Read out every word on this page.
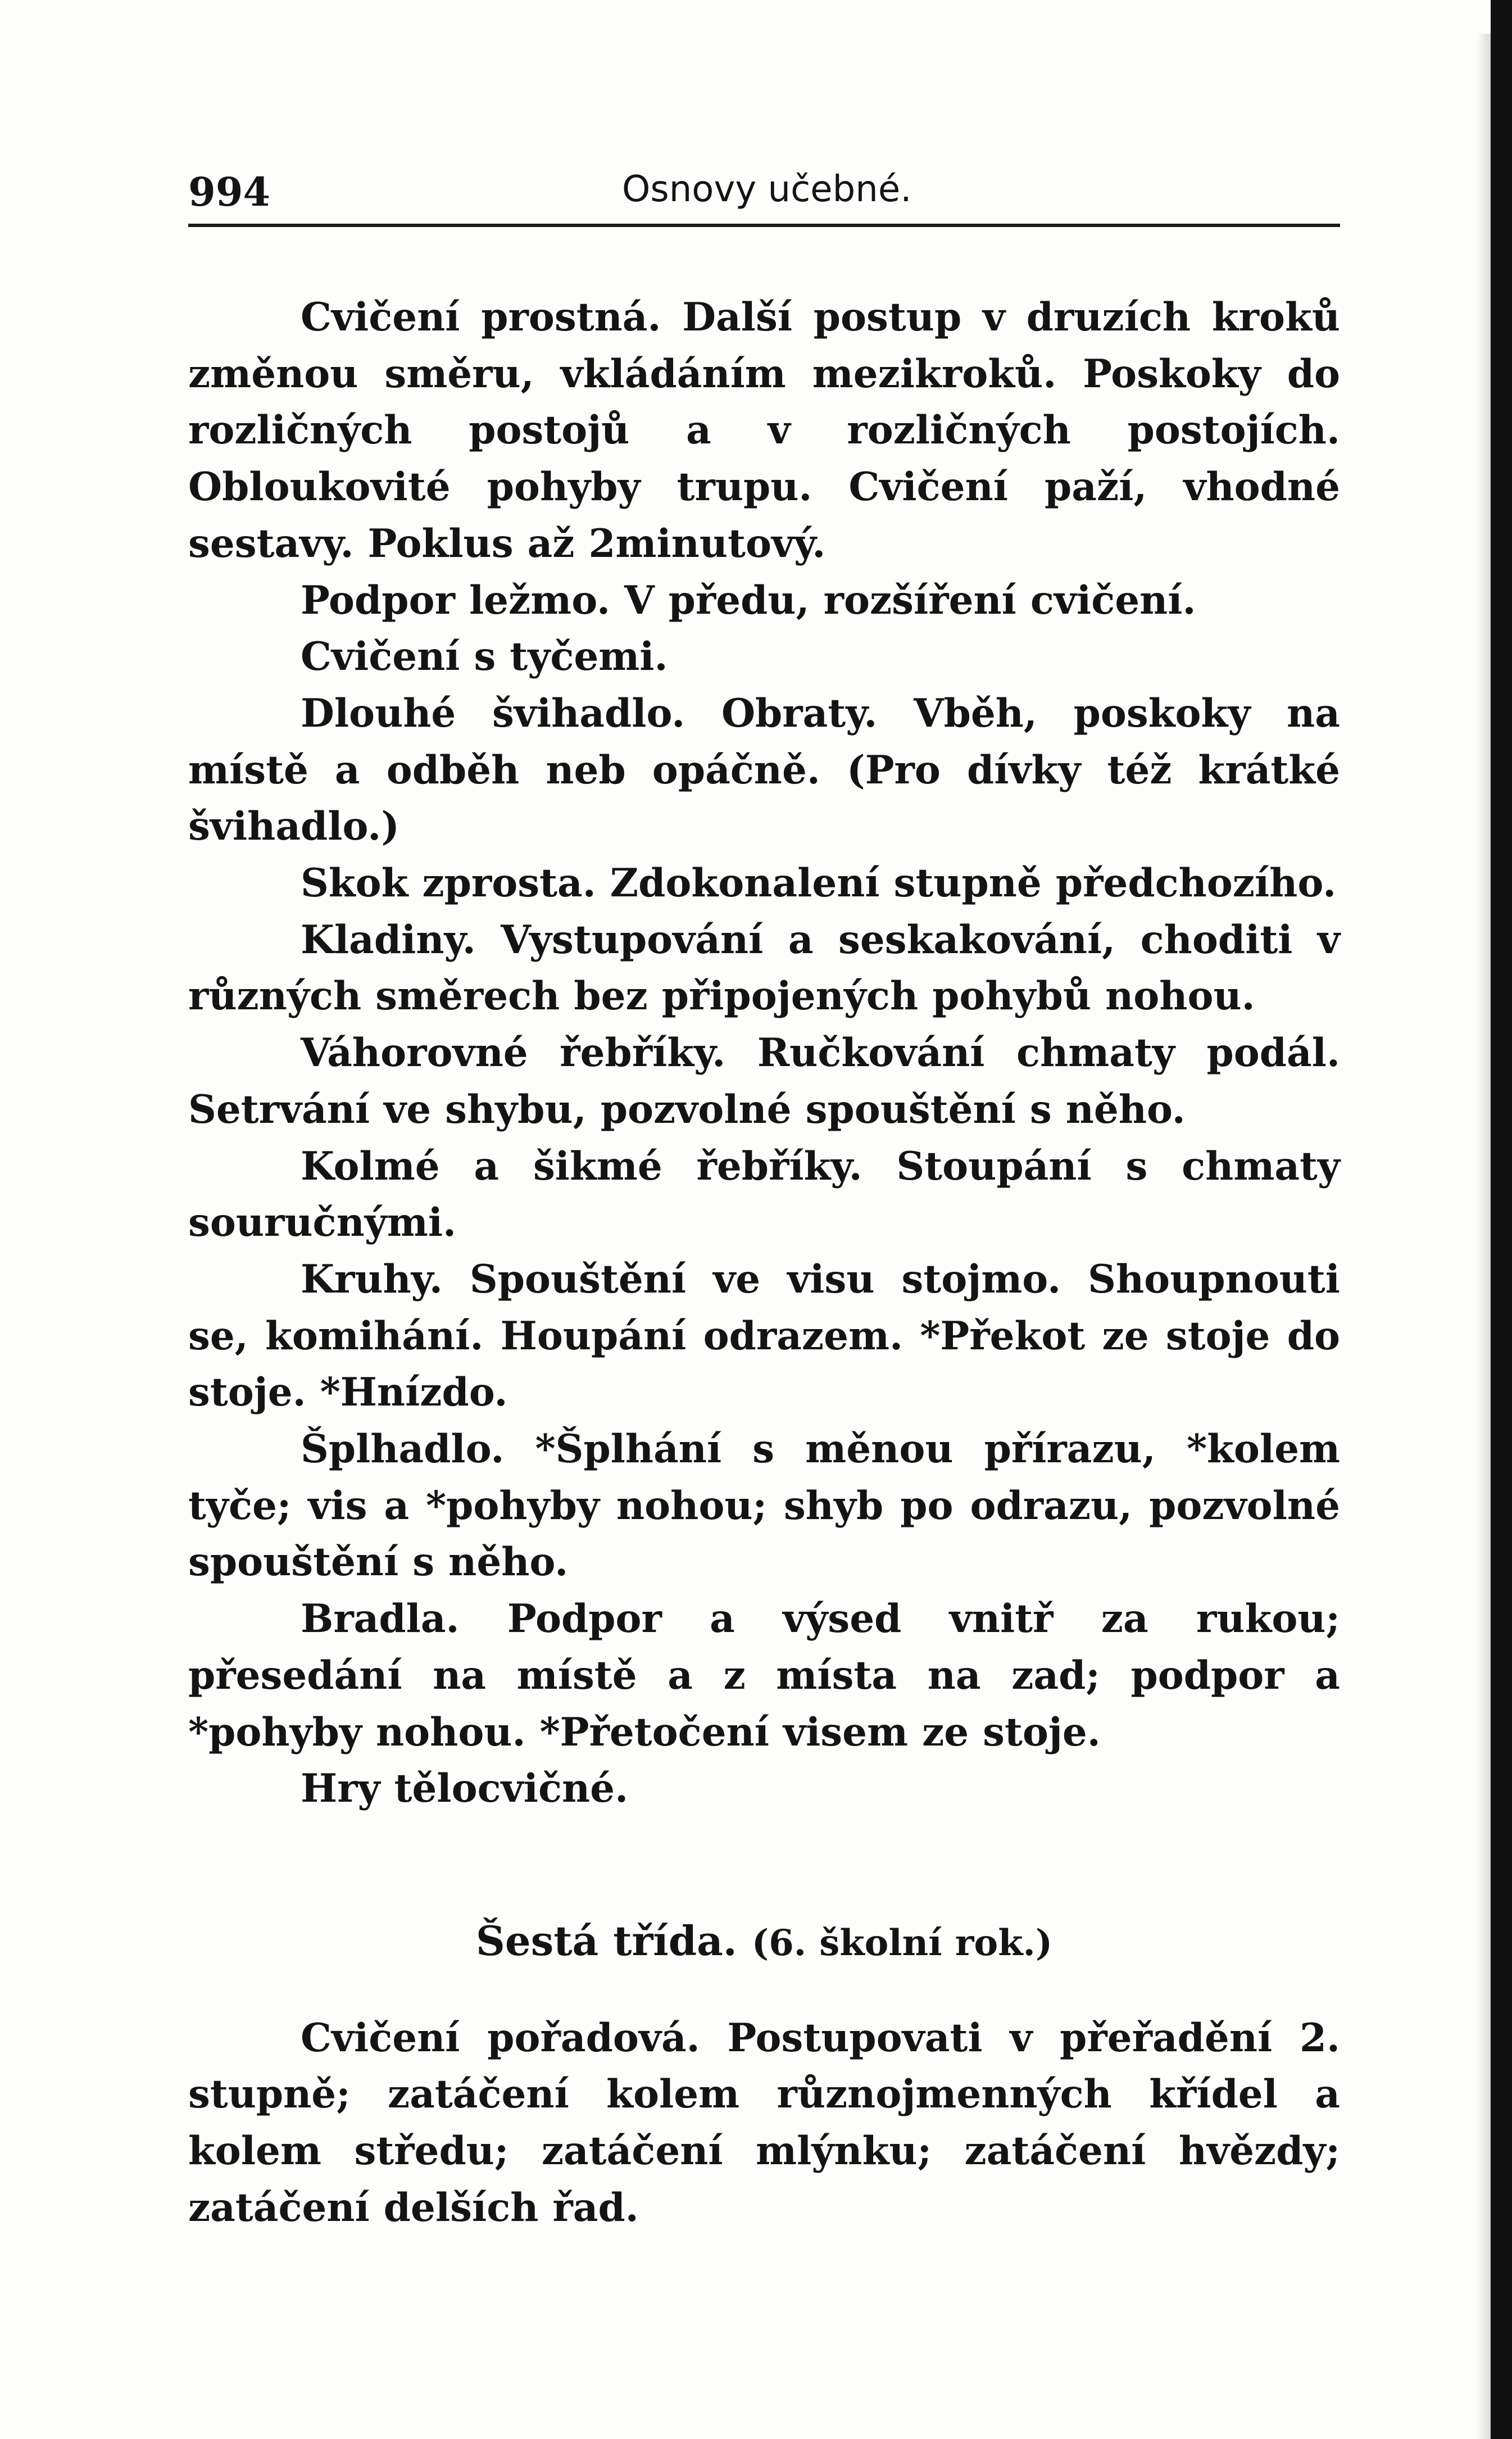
994	Osnovy učebné.

Cvičení prostná. Další postup v druzích kroků změnou směru, vkládáním mezikroků. Poskoky do rozličných postojů a v rozličných postojích. Obloukovité pohyby trupu. Cvičení paží, vhodné sestavy. Poklus až 2minutový.

Podpor ležmo. V předu, rozšíření cvičení.

Cvičení s tyčemi.

Dlouhé švihadlo. Obraty. Vběh, poskoky na místě a odběh neb opáčně. (Pro dívky též krátké švihadlo.)

Skok zprosta. Zdokonalení stupně předchozího.

Kladiny. Vystupování a seskakování, choditi v různých směrech bez připojených pohybů nohou.

Váhorovné řebříky. Ručkování chmaty podál. Setrvání ve shybu, pozvolné spouštění s něho.

Kolmé a šikmé řebříky. Stoupání s chmaty souručnými.

Kruhy. Spouštění ve visu stojmo. Shoupnouti se, komihání. Houpání odrazem. *Překot ze stoje do stoje. *Hnízdo.

Šplhadlo. *Šplhání s měnou přírazu, *kolem tyče; vis a *pohyby nohou; shyb po odrazu, pozvolné spouštění s něho.

Bradla. Podpor a výsed vnitř za rukou; přesedání na místě a z místa na zad; podpor a *pohyby nohou. *Přetočení visem ze stoje.

Hry tělocvičné.

Šestá třída. (6. školní rok.)

Cvičení pořadová. Postupovati v přeřadění 2. stupně; zatáčení kolem různojmenných křídel a kolem středu; zatáčení mlýnku; zatáčení hvězdy; zatáčení delších řad.
